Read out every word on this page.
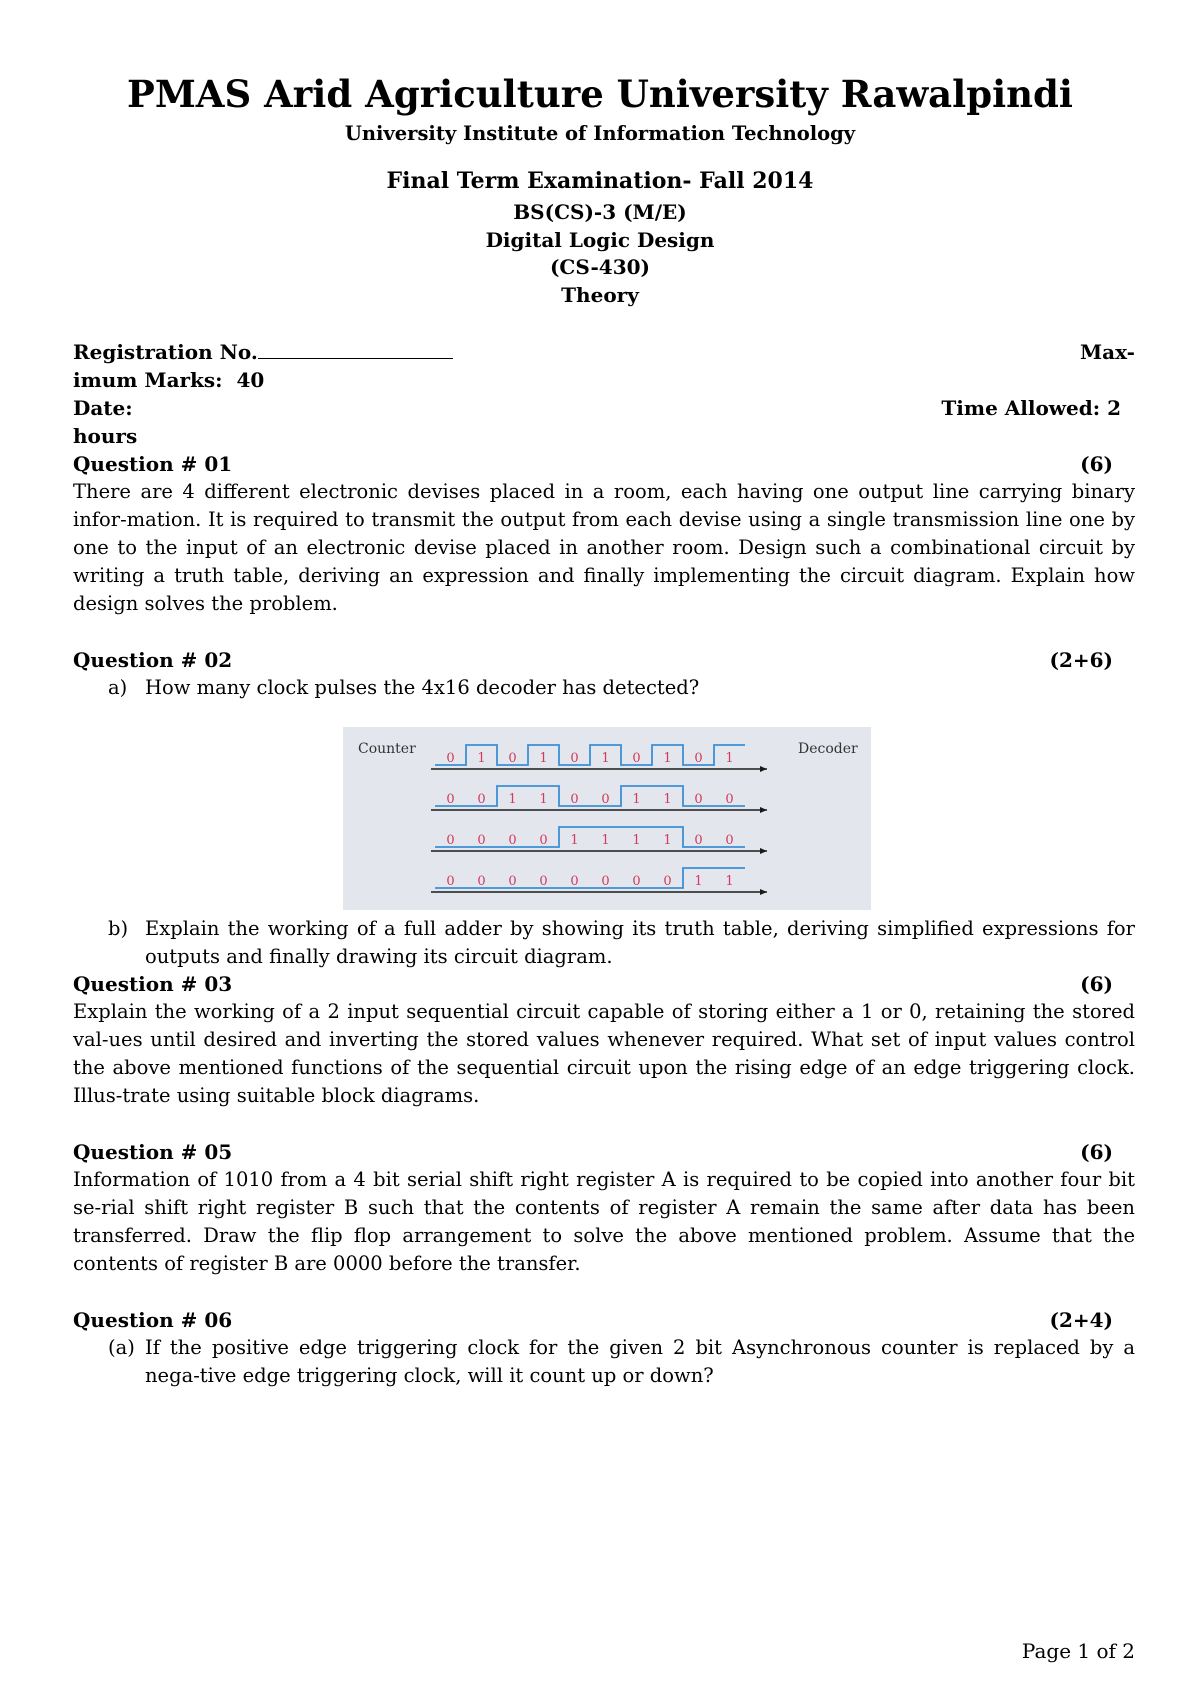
PMAS Arid Agriculture University Rawalpindi
University Institute of Information Technology
Final Term Examination- Fall 2014
BS(CS)-3 (M/E)
Digital Logic Design
(CS-430)
Theory
Registration No.	Max-
imum Marks: 40
Date:	Time Allowed: 2
hours
Question # 01	(6)
There are 4 different electronic devises placed in a room, each having one output line carrying binary infor-mation. It is required to transmit the output from each devise using a single transmission line one by one to the input of an electronic devise placed in another room. Design such a combinational circuit by writing a truth table, deriving an expression and finally implementing the circuit diagram. Explain how design solves the problem.
Question # 02	(2+6)
a) How many clock pulses the 4x16 decoder has detected?
Counter	Decoder
0 1 0 1 0 1 0 1 0 1
0 0 1 1 0 0 1 1 0 0
0 0 0 0 1 1 1 1 0 0
0 0 0 0 0 0 0 0 1 1
b) Explain the working of a full adder by showing its truth table, deriving simplified expressions for outputs and finally drawing its circuit diagram.
Question # 03	(6)
Explain the working of a 2 input sequential circuit capable of storing either a 1 or 0, retaining the stored val-ues until desired and inverting the stored values whenever required. What set of input values control the above mentioned functions of the sequential circuit upon the rising edge of an edge triggering clock. Illus-trate using suitable block diagrams.
Question # 05	(6)
Information of 1010 from a 4 bit serial shift right register A is required to be copied into another four bit se-rial shift right register B such that the contents of register A remain the same after data has been transferred. Draw the flip flop arrangement to solve the above mentioned problem. Assume that the contents of register B are 0000 before the transfer.
Question # 06	(2+4)
(a) If the positive edge triggering clock for the given 2 bit Asynchronous counter is replaced by a nega-tive edge triggering clock, will it count up or down?
Page 1 of 2
